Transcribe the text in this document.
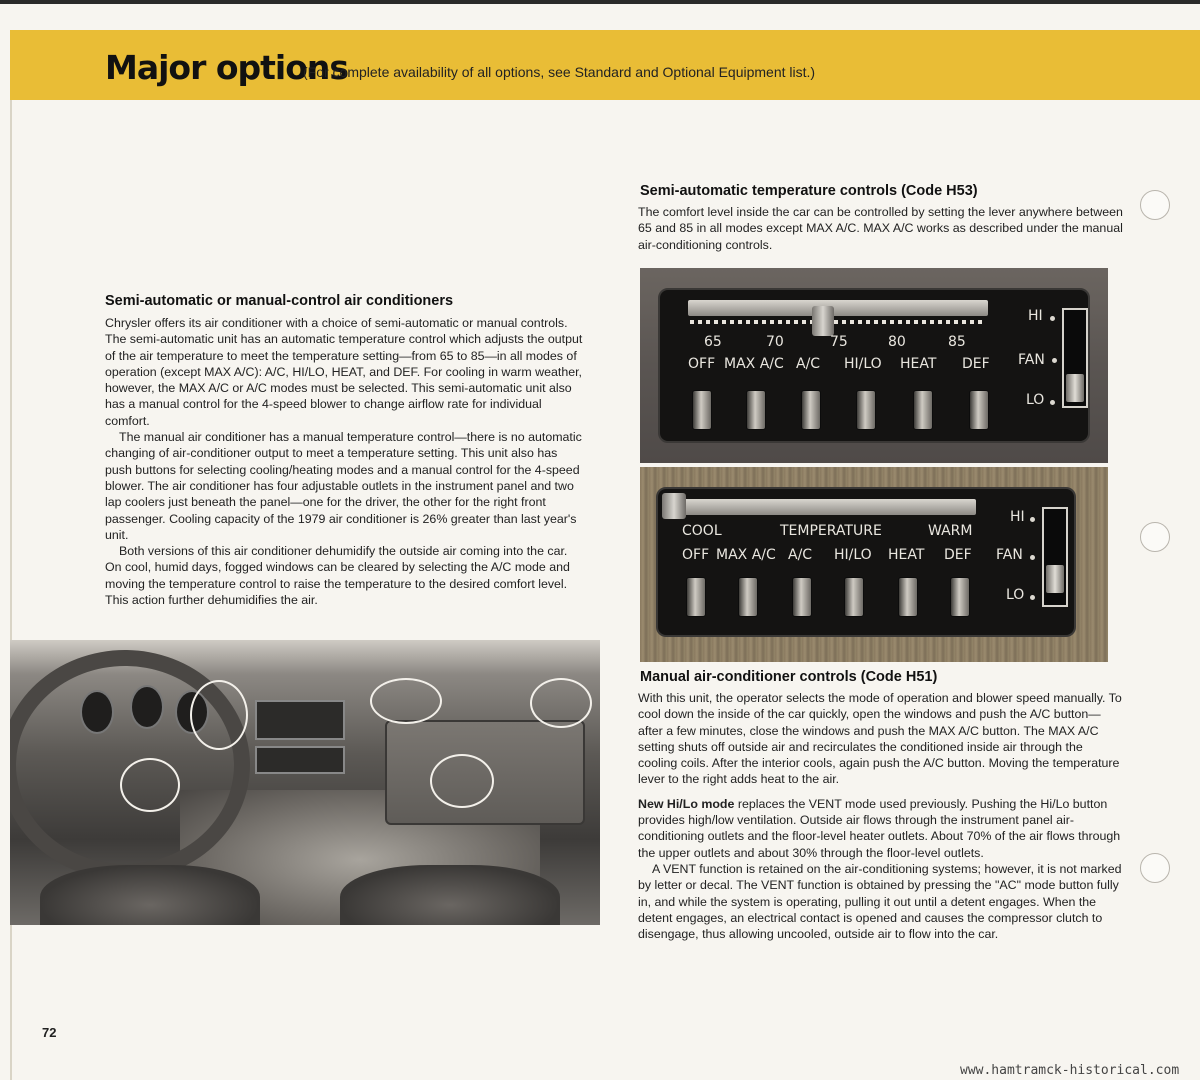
Major options
(For complete availability of all options, see Standard and Optional Equipment list.)
Semi-automatic or manual-control air conditioners

Chrysler offers its air conditioner with a choice of semi-automatic or manual controls. The semi-automatic unit has an automatic temperature control which adjusts the output of the air temperature to meet the temperature setting—from 65 to 85—in all modes of operation (except MAX A/C): A/C, HI/LO, HEAT, and DEF. For cooling in warm weather, however, the MAX A/C or A/C modes must be selected. This semi-automatic unit also has a manual control for the 4-speed blower to change airflow rate for individual comfort.

The manual air conditioner has a manual temperature control—there is no automatic changing of air-conditioner output to meet a temperature setting. This unit also has push buttons for selecting cooling/heating modes and a manual control for the 4-speed blower. The air conditioner has four adjustable outlets in the instrument panel and two lap coolers just beneath the panel—one for the driver, the other for the right front passenger. Cooling capacity of the 1979 air conditioner is 26% greater than last year's unit.

Both versions of this air conditioner dehumidify the outside air coming into the car. On cool, humid days, fogged windows can be cleared by selecting the A/C mode and moving the temperature control to raise the temperature to the desired comfort level. This action further dehumidifies the air.

Semi-automatic temperature controls (Code H53)
The comfort level inside the car can be controlled by setting the lever anywhere between 65 and 85 in all modes except MAX A/C. MAX A/C works as described under the manual air-conditioning controls.
65	70	75	80	85
OFF MAX A/C A/C HI/LO HEAT DEF
HI
FAN
LO
COOL	TEMPERATURE	WARM
OFF MAX A/C A/C HI/LO HEAT DEF
HI
FAN
LO
Manual air-conditioner controls (Code H51)

With this unit, the operator selects the mode of operation and blower speed manually. To cool down the inside of the car quickly, open the windows and push the A/C button—after a few minutes, close the windows and push the MAX A/C button. The MAX A/C setting shuts off outside air and recirculates the conditioned inside air through the cooling coils. After the interior cools, again push the A/C button. Moving the temperature lever to the right adds heat to the air.

New Hi/Lo mode replaces the VENT mode used previously. Pushing the Hi/Lo button provides high/low ventilation. Outside air flows through the instrument panel air-conditioning outlets and the floor-level heater outlets. About 70% of the air flows through the upper outlets and about 30% through the floor-level outlets.

A VENT function is retained on the air-conditioning systems; however, it is not marked by letter or decal. The VENT function is obtained by pressing the "AC" mode button fully in, and while the system is operating, pulling it out until a detent engages. When the detent engages, an electrical contact is opened and causes the compressor clutch to disengage, thus allowing uncooled, outside air to flow into the car.

72
www.hamtramck-historical.com
